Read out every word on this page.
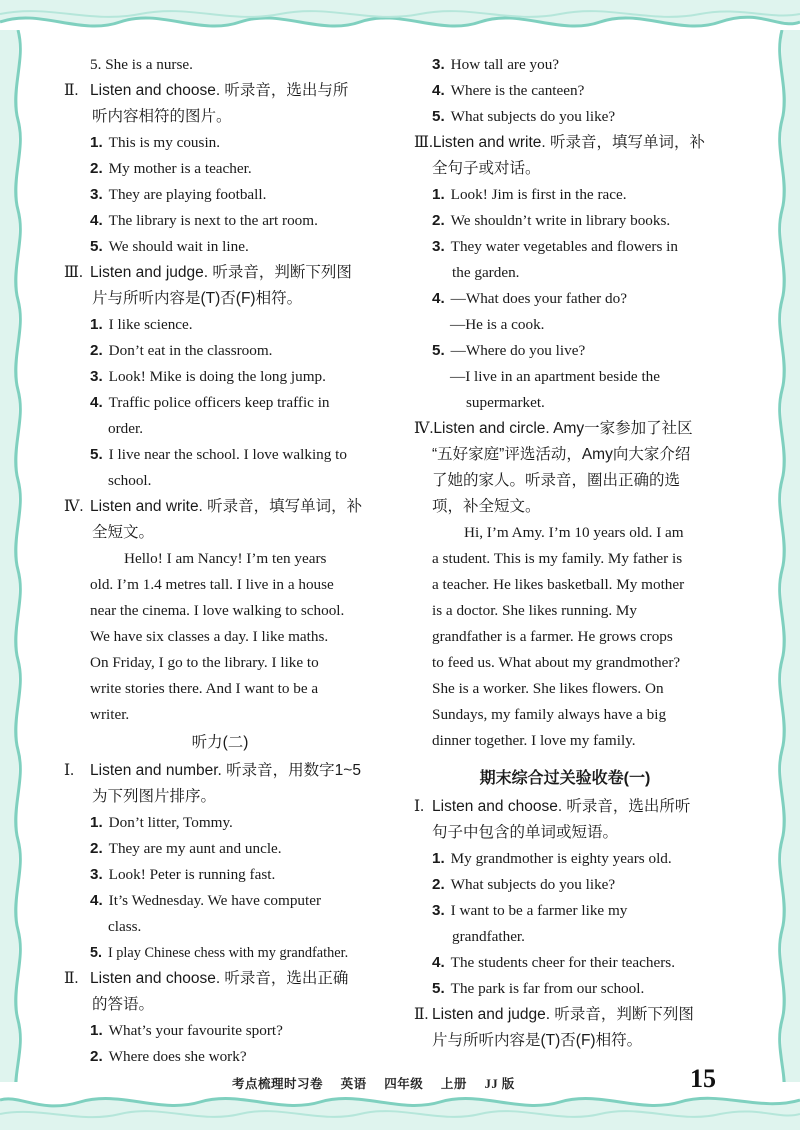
5. She is a nurse.
Ⅱ. Listen and choose. 听录音，选出与所
听内容相符的图片。
1. This is my cousin.
2. My mother is a teacher.
3. They are playing football.
4. The library is next to the art room.
5. We should wait in line.
Ⅲ. Listen and judge. 听录音，判断下列图
片与所听内容是(T)否(F)相符。
1. I like science.
2. Don’t eat in the classroom.
3. Look! Mike is doing the long jump.
4. Traffic police officers keep traffic in
order.
5. I live near the school. I love walking to
school.
Ⅳ. Listen and write. 听录音，填写单词，补
全短文。
Hello! I am Nancy! I’m ten years
old. I’m 1.4 metres tall. I live in a house
near the cinema. I love walking to school.
We have six classes a day. I like maths.
On Friday, I go to the library. I like to
write stories there. And I want to be a
writer.
听力(二)
Ⅰ. Listen and number. 听录音，用数字1~5
为下列图片排序。
1. Don’t litter, Tommy.
2. They are my aunt and uncle.
3. Look! Peter is running fast.
4. It’s Wednesday. We have computer
class.
5. I play Chinese chess with my grandfather.
Ⅱ. Listen and choose. 听录音，选出正确
的答语。
1. What’s your favourite sport?
2. Where does she work?
3. How tall are you?
4. Where is the canteen?
5. What subjects do you like?
Ⅲ.Listen and write. 听录音，填写单词，补
全句子或对话。
1. Look! Jim is first in the race.
2. We shouldn’t write in library books.
3. They water vegetables and flowers in
the garden.
4. —What does your father do?
—He is a cook.
5. —Where do you live?
—I live in an apartment beside the
supermarket.
Ⅳ.Listen and circle. Amy一家参加了社区
“五好家庭”评选活动，Amy向大家介绍
了她的家人。听录音，圈出正确的选
项，补全短文。
Hi, I’m Amy. I’m 10 years old. I am
a student. This is my family. My father is
a teacher. He likes basketball. My mother
is a doctor. She likes running. My
grandfather is a farmer. He grows crops
to feed us. What about my grandmother?
She is a worker. She likes flowers. On
Sundays, my family always have a big
dinner together. I love my family.
期末综合过关验收卷(一)
Ⅰ. Listen and choose. 听录音，选出所听
句子中包含的单词或短语。
1. My grandmother is eighty years old.
2. What subjects do you like?
3. I want to be a farmer like my
grandfather.
4. The students cheer for their teachers.
5. The park is far from our school.
Ⅱ. Listen and judge. 听录音，判断下列图
片与所听内容是(T)否(F)相符。
考点梳理时习卷 英语 四年级 上册 JJ 版	15
